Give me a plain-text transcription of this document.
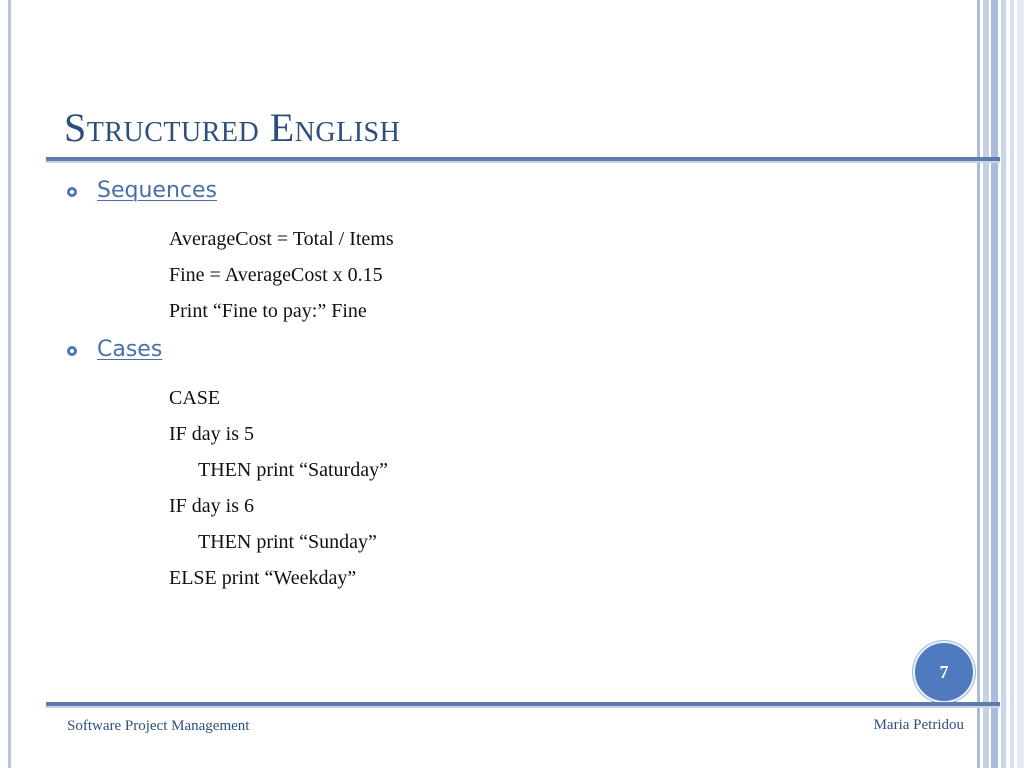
Structured English
Sequences
AverageCost = Total / Items
Fine = AverageCost x 0.15
Print “Fine to pay:” Fine
Cases
CASE
IF day is 5
THEN print “Saturday”
IF day is 6
THEN print “Sunday”
ELSE print “Weekday”
7
Software Project Management	Maria Petridou
